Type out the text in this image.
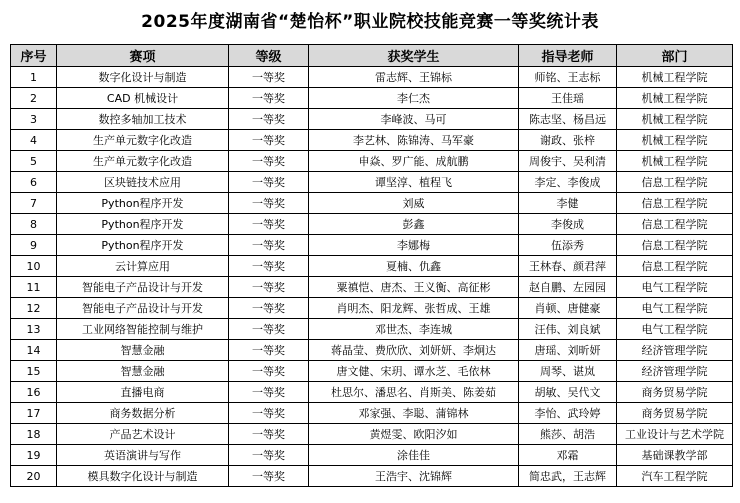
2025年度湖南省“楚怡杯”职业院校技能竞赛一等奖统计表
序号	赛项	等级	获奖学生	指导老师	部门
1	数字化设计与制造	一等奖	雷志辉、王锦标	师铭、王志标	机械工程学院
2	CAD 机械设计	一等奖	李仁杰	王佳瑶	机械工程学院
3	数控多轴加工技术	一等奖	李峰波、马可	陈志坚、杨昌远	机械工程学院
4	生产单元数字化改造	一等奖	李艺林、陈锦涛、马军豪	谢政、张梓	机械工程学院
5	生产单元数字化改造	一等奖	申焱、罗广能、成航鹏	周俊宇、吴利清	机械工程学院
6	区块链技术应用	一等奖	谭坚淳、植程飞	李定、李俊成	信息工程学院
7	Python程序开发	一等奖	刘威	李健	信息工程学院
8	Python程序开发	一等奖	彭鑫	李俊成	信息工程学院
9	Python程序开发	一等奖	李娜梅	伍添秀	信息工程学院
10	云计算应用	一等奖	夏楠、仇鑫	王林春、颜君萍	信息工程学院
11	智能电子产品设计与开发	一等奖	粟禛恺、唐杰、王义衡、高征彬	赵自鹏、左园园	电气工程学院
12	智能电子产品设计与开发	一等奖	肖明杰、阳龙辉、张哲成、王雄	肖顿、唐健豪	电气工程学院
13	工业网络智能控制与维护	一等奖	邓世杰、李连城	汪伟、刘良斌	电气工程学院
14	智慧金融	一等奖	蒋晶莹、费欣欣、刘妍妍、李炯达	唐瑶、刘昕妍	经济管理学院
15	智慧金融	一等奖	唐文健、宋玥、谭水芝、毛依林	周琴、谌岚	经济管理学院
16	直播电商	一等奖	杜思尔、潘思名、肖斯美、陈姜茹	胡敏、吴代文	商务贸易学院
17	商务数据分析	一等奖	邓家强、李聪、蒲锦林	李怡、武玲婷	商务贸易学院
18	产品艺术设计	一等奖	黄煜雯、欧阳汐如	熊莎、胡浩	工业设计与艺术学院
19	英语演讲与写作	一等奖	涂佳佳	邓霜	基础课教学部
20	模具数字化设计与制造	一等奖	王浩宇、沈锦辉	简忠武，王志辉	汽车工程学院
